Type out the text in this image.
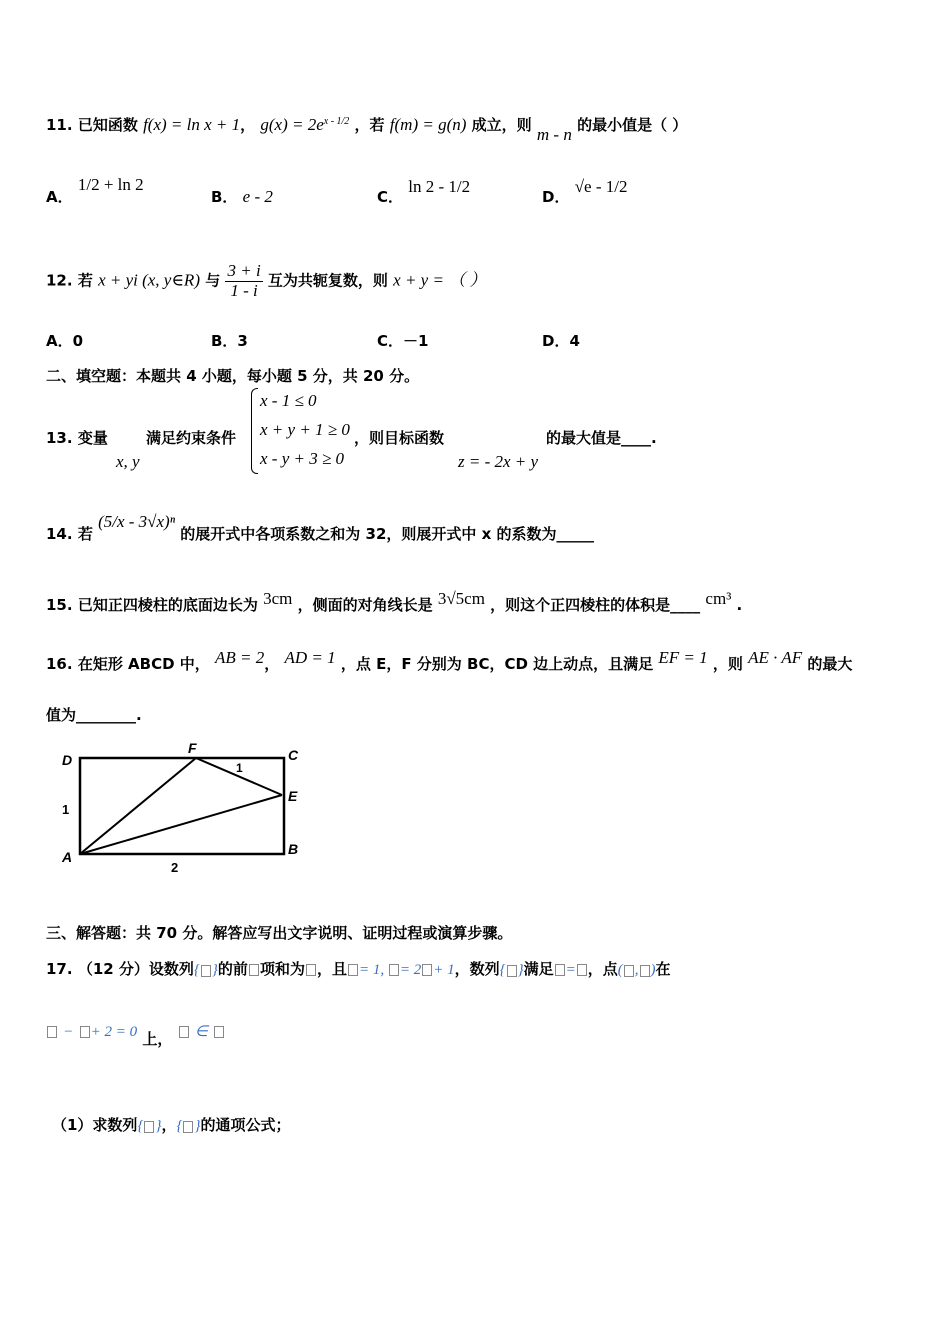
11. 已知函数 f(x) = ln x + 1， $g(x) = 2e^{x - 1/2}$ ，若 f(m) = g(n) 成立，则 m - n 的最小值是（ ）
A． 1/2 + ln 2
B． e - 2	C． ln 2 - 1/2
D． √e - 1/2
12. 若 x + yi (x, y∈R) 与 $\frac{3 + i}{1 - i}$ 互为共轭复数，则 x + y = （ ）
A．0	B．3	C．－1	D．4
二、填空题：本题共 4 小题，每小题 5 分，共 20 分。
13. 变量
x, y
满足约束条件
x - 1 ≤ 0
x + y + 1 ≥ 0
x - y + 3 ≥ 0
，则目标函数
z = - 2x + y
的最大值是____.
14. 若 (5/x - 3√x)ⁿ 的展开式中各项系数之和为 32，则展开式中 x 的系数为_____
15. 已知正四棱柱的底面边长为 3cm ，侧面的对角线长是 3√5cm ，则这个正四棱柱的体积是____ cm³ .
16. 在矩形 ABCD 中， AB = 2， AD = 1 ，点 E，F 分别为 BC，CD 边上动点，且满足 EF = 1 ，则 AE · AF 的最大
值为________.
D
F	C
E
A	B
1
2
1
三、解答题：共 70 分。解答应写出文字说明、证明过程或演算步骤。
17. （12 分）设数列{ }的前 项和为 ，且 = 1, = 2 + 1，数列{ }满足 = ，点( , )在
− + 2 = 0 上， ∈
（1）求数列{ }，{ }的通项公式；
